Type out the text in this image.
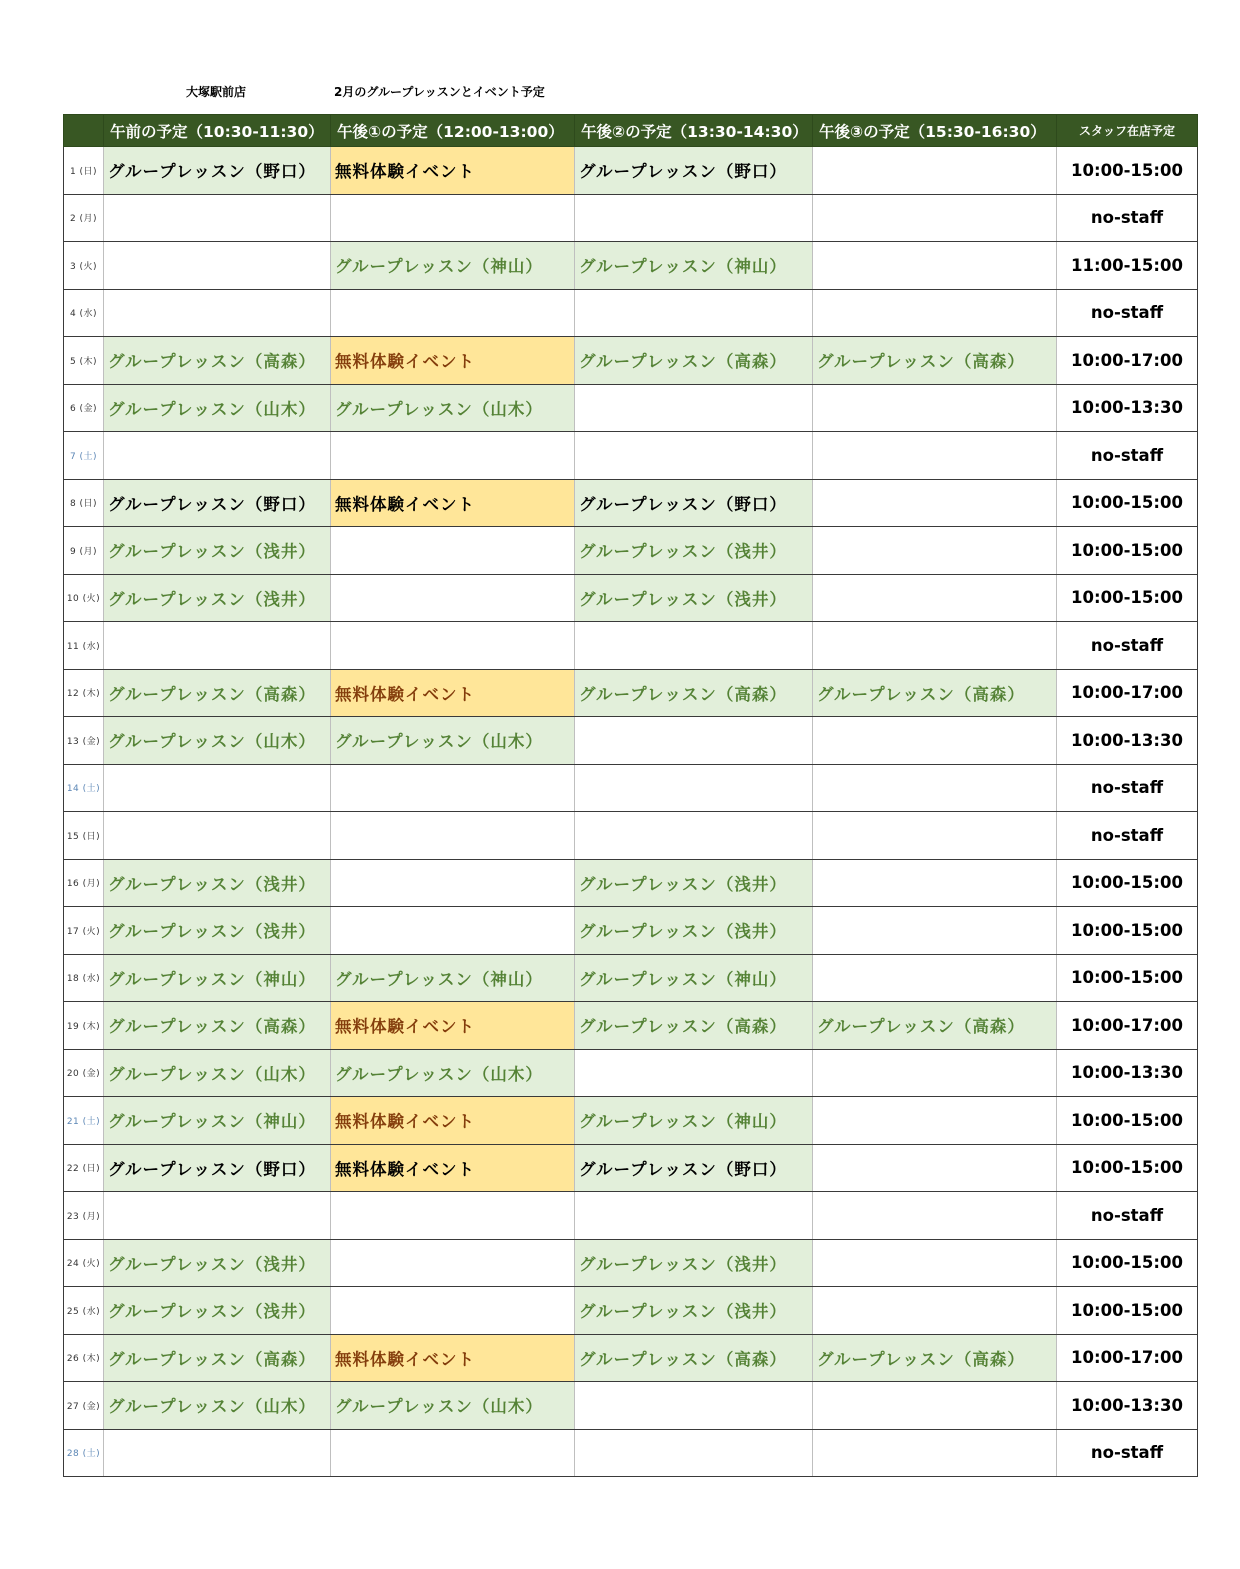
大塚駅前店	2月のグループレッスンとイベント予定
	午前の予定（10:30-11:30）	午後①の予定（12:00-13:00）	午後②の予定（13:30-14:30）	午後③の予定（15:30-16:30）	スタッフ在店予定
1 (日)	グループレッスン（野口）	無料体験イベント	グループレッスン（野口）		10:00-15:00
2 (月)					no-staff
3 (火)		グループレッスン（神山）	グループレッスン（神山）		11:00-15:00
4 (水)					no-staff
5 (木)	グループレッスン（高森）	無料体験イベント	グループレッスン（高森）	グループレッスン（高森）	10:00-17:00
6 (金)	グループレッスン（山木）	グループレッスン（山木）			10:00-13:30
7 (土)					no-staff
8 (日)	グループレッスン（野口）	無料体験イベント	グループレッスン（野口）		10:00-15:00
9 (月)	グループレッスン（浅井）		グループレッスン（浅井）		10:00-15:00
10 (火)	グループレッスン（浅井）		グループレッスン（浅井）		10:00-15:00
11 (水)					no-staff
12 (木)	グループレッスン（高森）	無料体験イベント	グループレッスン（高森）	グループレッスン（高森）	10:00-17:00
13 (金)	グループレッスン（山木）	グループレッスン（山木）			10:00-13:30
14 (土)					no-staff
15 (日)					no-staff
16 (月)	グループレッスン（浅井）		グループレッスン（浅井）		10:00-15:00
17 (火)	グループレッスン（浅井）		グループレッスン（浅井）		10:00-15:00
18 (水)	グループレッスン（神山）	グループレッスン（神山）	グループレッスン（神山）		10:00-15:00
19 (木)	グループレッスン（高森）	無料体験イベント	グループレッスン（高森）	グループレッスン（高森）	10:00-17:00
20 (金)	グループレッスン（山木）	グループレッスン（山木）			10:00-13:30
21 (土)	グループレッスン（神山）	無料体験イベント	グループレッスン（神山）		10:00-15:00
22 (日)	グループレッスン（野口）	無料体験イベント	グループレッスン（野口）		10:00-15:00
23 (月)					no-staff
24 (火)	グループレッスン（浅井）		グループレッスン（浅井）		10:00-15:00
25 (水)	グループレッスン（浅井）		グループレッスン（浅井）		10:00-15:00
26 (木)	グループレッスン（高森）	無料体験イベント	グループレッスン（高森）	グループレッスン（高森）	10:00-17:00
27 (金)	グループレッスン（山木）	グループレッスン（山木）			10:00-13:30
28 (土)					no-staff
